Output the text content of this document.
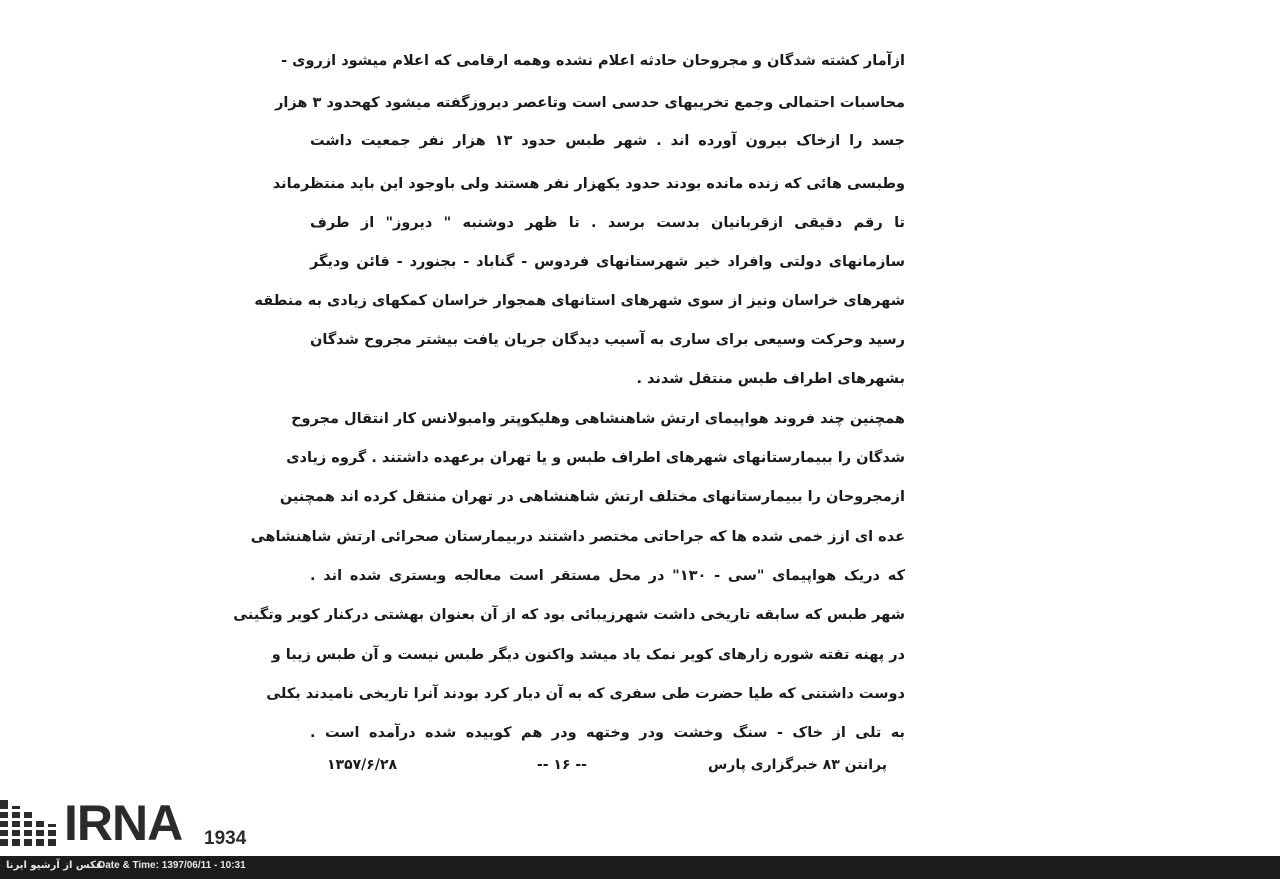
ازآمار کشته شدگان و مجروحان حادثه اعلام نشده وهمه ارقامی که اعلام میشود ازروی -
محاسبات احتمالی وجمع تخریبهای حدسی است وتاعصر دیروزگفته میشود کهحدود ۳ هزار
جسد را ازخاک بیرون آورده اند . شهر طبس حدود ۱۳ هزار نفر جمعیت داشت
وطبسی هائی که زنده مانده بودند حدود یکهزار نفر هستند ولی باوجود این باید منتظرماند
تا رقم دقیقی ازقربانیان بدست برسد . تا ظهر دوشنبه " دیروز" از طرف
سازمانهای دولتی وافراد خیر شهرستانهای فردوس - گناباد - بجنورد - قائن ودیگر
شهرهای خراسان ونیز از سوی شهرهای استانهای همجوار خراسان کمکهای زیادی به منطقه
رسید وحرکت وسیعی برای ساری به آسیب دیدگان جریان یافت بیشتر مجروح شدگان
بشهرهای اطراف طبس منتقل شدند .
همچنین چند فروند هواپیمای ارتش شاهنشاهی وهلیکوپتر وامبولانس کار انتقال مجروح
شدگان را ببیمارستانهای شهرهای اطراف طبس و یا تهران برعهده داشتند . گروه زیادی
ازمجروحان را ببیمارستانهای مختلف ارتش شاهنشاهی در تهران منتقل کرده اند همچنین
عده ای ازز خمی شده ها که جراحاتی مختصر داشتند دربیمارستان صحرائی ارتش شاهنشاهی
که دریک هواپیمای "سی - ۱۳۰" در محل مستقر است معالجه وبستری شده اند .
شهر طبس که سابقه تاریخی داشت شهرزیبائی بود که از آن بعنوان بهشتی درکنار کویر وتگینی
در پهنه تفته شوره زارهای کویر نمک یاد میشد واکنون دیگر طبس نیست و آن طبس زیبا و
دوست داشتنی که طیا حضرت طی سفری که به آن دیار کرد بودند آنرا تاریخی نامیدند بکلی
به تلی از خاک - سنگ وخشت ودر وختهه ودر هم کوبیده شده درآمده است .
پرانتن ۸۳ خبرگزاری پارس
-- ۱۶ --
۱۳۵۷/۶/۲۸
IRNA 1934
عکس از آرشیو ایرنا
Date & Time: 1397/06/11 - 10:31
